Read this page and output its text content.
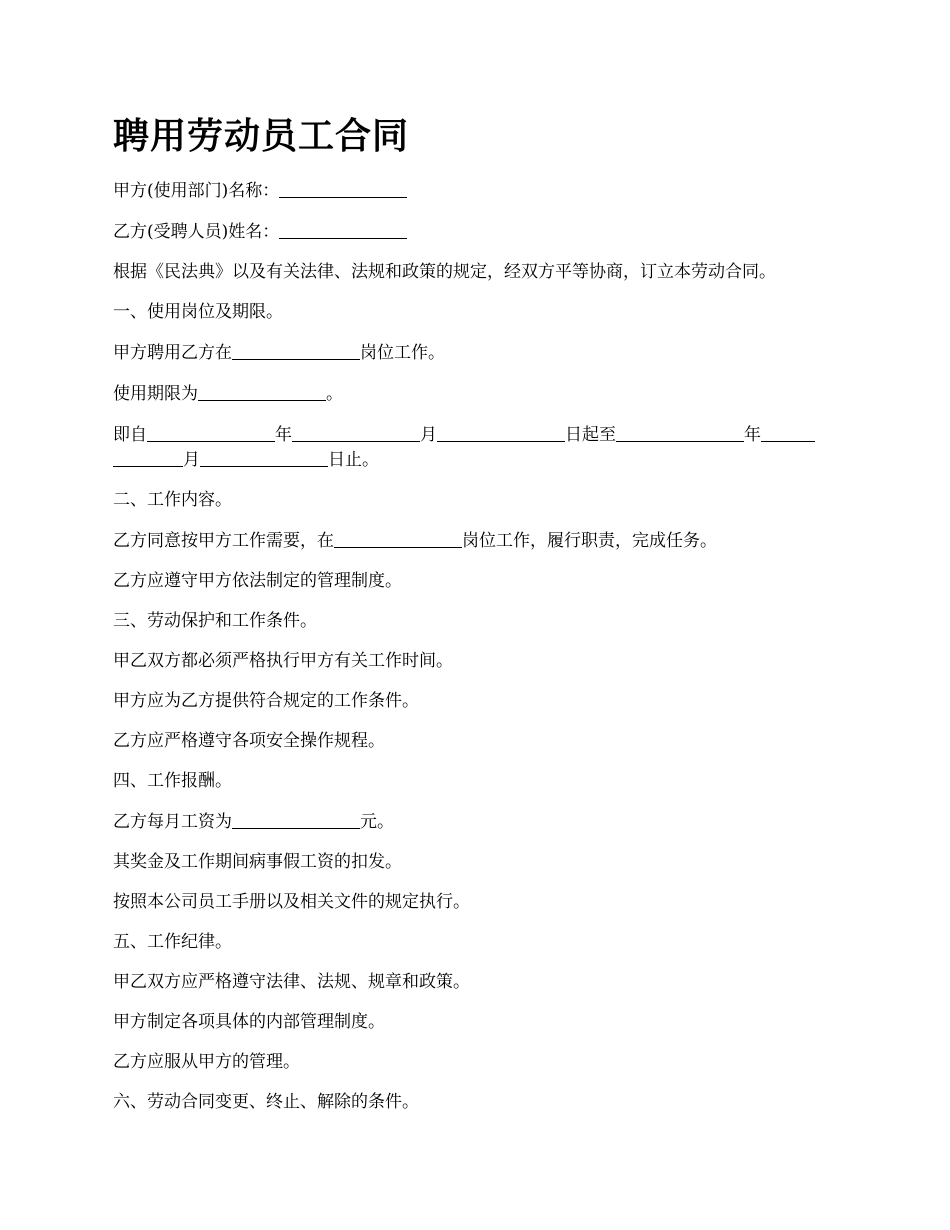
聘用劳动员工合同
甲方(使用部门)名称：
乙方(受聘人员)姓名：
根据《民法典》以及有关法律、法规和政策的规定，经双方平等协商，订立本劳动合同。
一、使用岗位及期限。
甲方聘用乙方在	岗位工作。
使用期限为	。
即自	年	月	日起至	年月	日止。
二、工作内容。
乙方同意按甲方工作需要，在	岗位工作，履行职责，完成任务。
乙方应遵守甲方依法制定的管理制度。
三、劳动保护和工作条件。
甲乙双方都必须严格执行甲方有关工作时间。
甲方应为乙方提供符合规定的工作条件。
乙方应严格遵守各项安全操作规程。
四、工作报酬。
乙方每月工资为	元。
其奖金及工作期间病事假工资的扣发。
按照本公司员工手册以及相关文件的规定执行。
五、工作纪律。
甲乙双方应严格遵守法律、法规、规章和政策。
甲方制定各项具体的内部管理制度。
乙方应服从甲方的管理。
六、劳动合同变更、终止、解除的条件。
